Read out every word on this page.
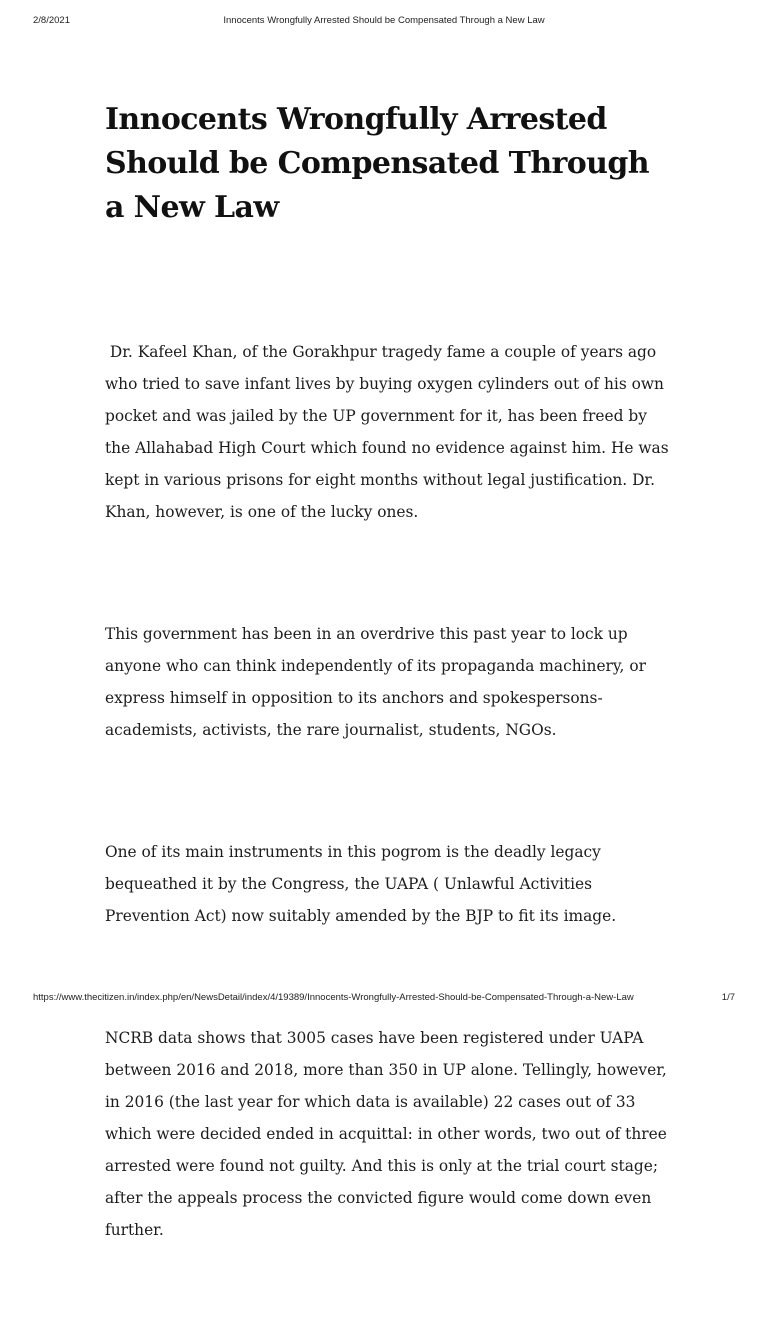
2/8/2021	Innocents Wrongfully Arrested Should be Compensated Through a New Law
Innocents Wrongfully Arrested Should be Compensated Through a New Law

Dr. Kafeel Khan, of the Gorakhpur tragedy fame a couple of years ago who tried to save infant lives by buying oxygen cylinders out of his own pocket and was jailed by the UP government for it, has been freed by the Allahabad High Court which found no evidence against him. He was kept in various prisons for eight months without legal justification. Dr. Khan, however, is one of the lucky ones.

This government has been in an overdrive this past year to lock up anyone who can think independently of its propaganda machinery, or express himself in opposition to its anchors and spokespersons- academists, activists, the rare journalist, students, NGOs.

One of its main instruments in this pogrom is the deadly legacy bequeathed it by the Congress, the UAPA ( Unlawful Activities Prevention Act) now suitably amended by the BJP to fit its image.

NCRB data shows that 3005 cases have been registered under UAPA between 2016 and 2018, more than 350 in UP alone. Tellingly, however, in 2016 (the last year for which data is available) 22 cases out of 33 which were decided ended in acquittal: in other words, two out of three arrested were found not guilty. And this is only at the trial court stage; after the appeals process the convicted figure would come down even further.

https://www.thecitizen.in/index.php/en/NewsDetail/index/4/19389/Innocents-Wrongfully-Arrested-Should-be-Compensated-Through-a-New-Law	1/7
